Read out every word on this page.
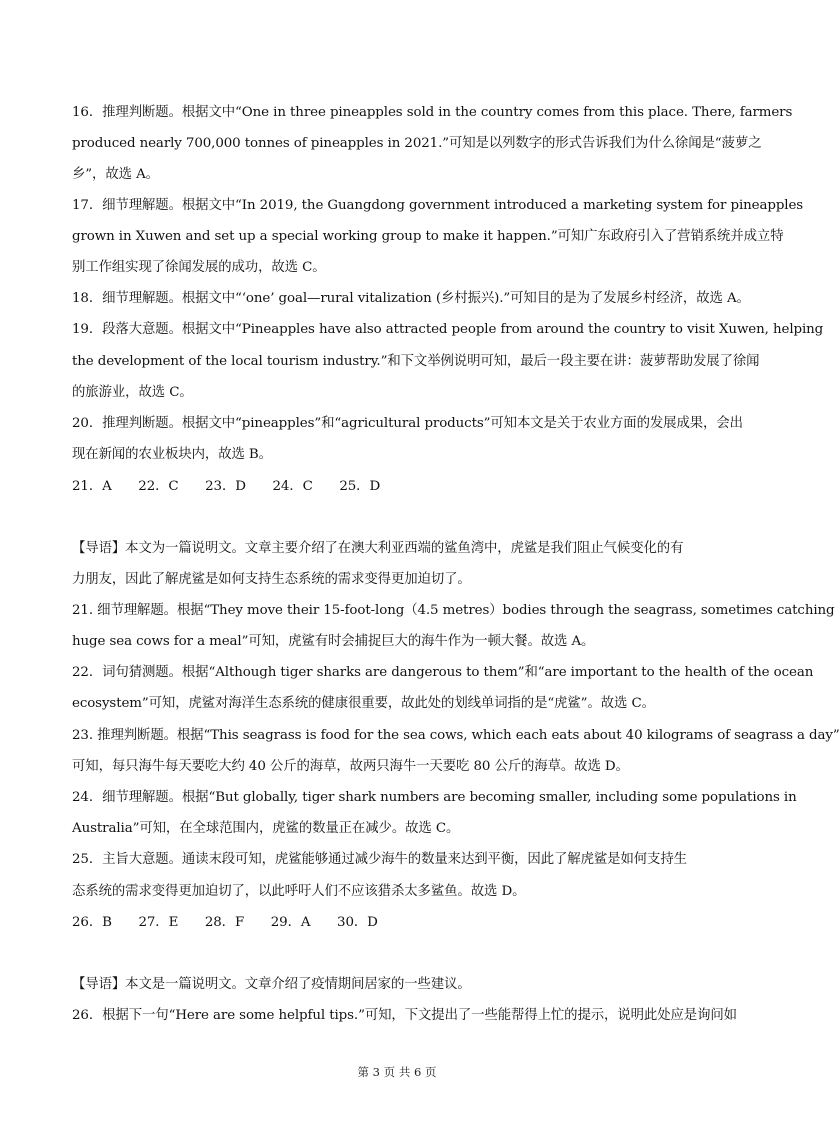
16．推理判断题。根据文中“One in three pineapples sold in the country comes from this place. There, farmers
produced nearly 700,000 tonnes of pineapples in 2021.”可知是以列数字的形式告诉我们为什么徐闻是“菠萝之
乡”，故选 A。
17．细节理解题。根据文中“In 2019, the Guangdong government introduced a marketing system for pineapples
grown in Xuwen and set up a special working group to make it happen.”可知广东政府引入了营销系统并成立特
别工作组实现了徐闻发展的成功，故选 C。
18．细节理解题。根据文中“‘one’ goal—rural vitalization (乡村振兴).”可知目的是为了发展乡村经济，故选 A。
19．段落大意题。根据文中“Pineapples have also attracted people from around the country to visit Xuwen, helping
the development of the local tourism industry.”和下文举例说明可知，最后一段主要在讲：菠萝帮助发展了徐闻
的旅游业，故选 C。
20．推理判断题。根据文中“pineapples”和“agricultural products”可知本文是关于农业方面的发展成果，会出
现在新闻的农业板块内，故选 B。
21．A　　22．C　　23．D　　24．C　　25．D
【导语】本文为一篇说明文。文章主要介绍了在澳大利亚西端的鲨鱼湾中，虎鲨是我们阻止气候变化的有
力朋友，因此了解虎鲨是如何支持生态系统的需求变得更加迫切了。
21. 细节理解题。根据“They move their 15-foot-long（4.5 metres）bodies through the seagrass, sometimes catching
huge sea cows for a meal”可知，虎鲨有时会捕捉巨大的海牛作为一顿大餐。故选 A。
22．词句猜测题。根据“Although tiger sharks are dangerous to them”和“are important to the health of the ocean
ecosystem”可知，虎鲨对海洋生态系统的健康很重要，故此处的划线单词指的是“虎鲨”。故选 C。
23. 推理判断题。根据“This seagrass is food for the sea cows, which each eats about 40 kilograms of seagrass a day”
可知，每只海牛每天要吃大约 40 公斤的海草，故两只海牛一天要吃 80 公斤的海草。故选 D。
24．细节理解题。根据“But globally, tiger shark numbers are becoming smaller, including some populations in
Australia”可知，在全球范围内，虎鲨的数量正在减少。故选 C。
25．主旨大意题。通读末段可知，虎鲨能够通过减少海牛的数量来达到平衡，因此了解虎鲨是如何支持生
态系统的需求变得更加迫切了，以此呼吁人们不应该猎杀太多鲨鱼。故选 D。
26．B　　27．E　　28．F　　29．A　　30．D
【导语】本文是一篇说明文。文章介绍了疫情期间居家的一些建议。
26．根据下一句“Here are some helpful tips.”可知，下文提出了一些能帮得上忙的提示，说明此处应是询问如
第 3 页 共 6 页
